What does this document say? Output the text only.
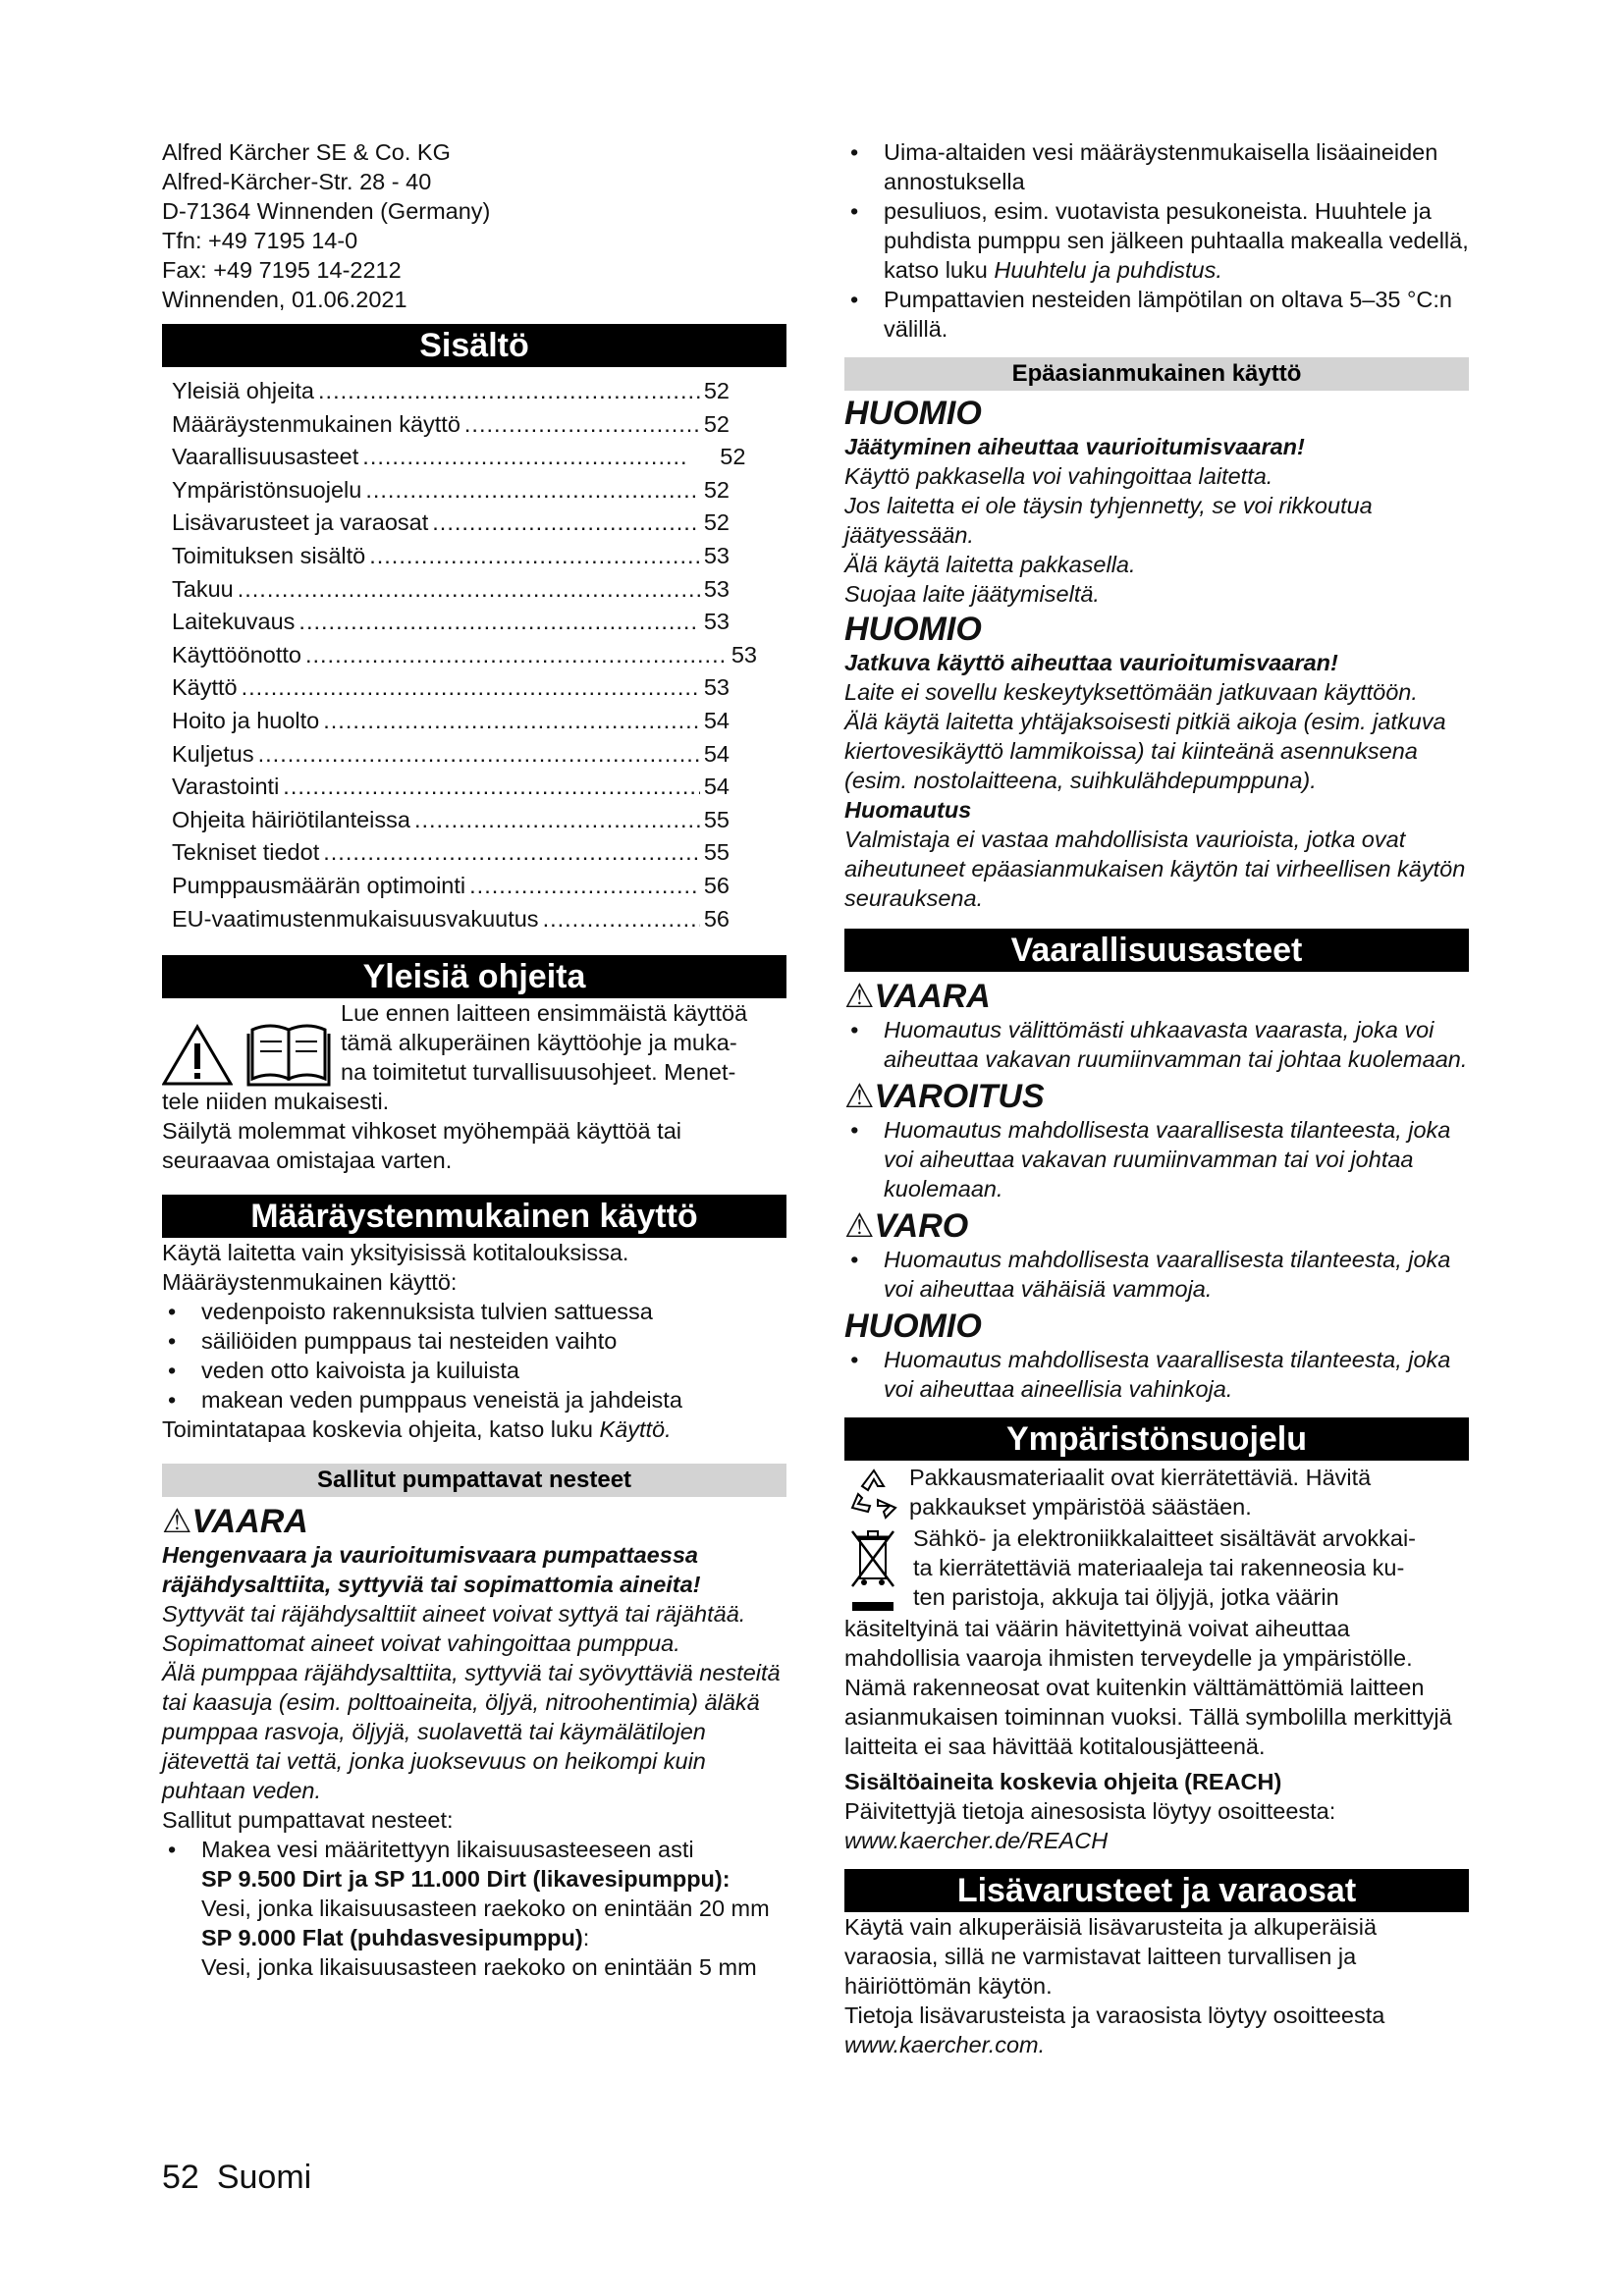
Alfred Kärcher SE & Co. KG

Alfred-Kärcher-Str. 28 - 40

D-71364 Winnenden (Germany)

Tfn: +49 7195 14-0

Fax: +49 7195 14-2212

Winnenden, 01.06.2021

Sisältö
Yleisiä ohjeita .....	52
Määräystenmukainen käyttö .....	52
Vaarallisuusasteet .....	52
Ympäristönsuojelu .....	52
Lisävarusteet ja varaosat .....	52
Toimituksen sisältö .....	53
Takuu .....	53
Laitekuvaus .....	53
Käyttöönotto .....	53
Käyttö .....	53
Hoito ja huolto .....	54
Kuljetus .....	54
Varastointi .....	54
Ohjeita häiriötilanteissa .....	55
Tekniset tiedot .....	55
Pumppausmäärän optimointi .....	56
EU-vaatimustenmukaisuusvakuutus .....	56
Yleisiä ohjeita

Lue ennen laitteen ensimmäistä käyttöä

tämä alkuperäinen käyttöohje ja muka-

na toimitetut turvallisuusohjeet. Menet-

tele niiden mukaisesti.

Säilytä molemmat vihkoset myöhempää käyttöä tai seuraavaa omistajaa varten.

Määräystenmukainen käyttö

Käytä laitetta vain yksityisissä kotitalouksissa.

Määräystenmukainen käyttö:

• vedenpoisto rakennuksista tulvien sattuessa
• säiliöiden pumppaus tai nesteiden vaihto
• veden otto kaivoista ja kuiluista
• makean veden pumppaus veneistä ja jahdeista

Toimintatapaa koskevia ohjeita, katso luku Käyttö.

Sallitut pumpattavat nesteet
⚠VAARA

Hengenvaara ja vaurioitumisvaara pumpattaessa räjähdysalttiita, syttyviä tai sopimattomia aineita!

Syttyvät tai räjähdysalttiit aineet voivat syttyä tai räjähtää.

Sopimattomat aineet voivat vahingoittaa pumppua.

Älä pumppaa räjähdysalttiita, syttyviä tai syövyttäviä nesteitä tai kaasuja (esim. polttoaineita, öljyä, nitroohentimia) äläkä pumppaa rasvoja, öljyjä, suolavettä tai käymälätilojen jätevettä tai vettä, jonka juoksevuus on heikompi kuin puhtaan veden.

Sallitut pumpattavat nesteet:

• Makea vesi määritettyyn likaisuusasteeseen asti

SP 9.500 Dirt ja SP 11.000 Dirt (likavesipumppu):

Vesi, jonka likaisuusasteen raekoko on enintään 20 mm

SP 9.000 Flat (puhdasvesipumppu):

Vesi, jonka likaisuusasteen raekoko on enintään 5 mm

• Uima-altaiden vesi määräystenmukaisella lisäaineiden annostuksella
• pesuliuos, esim. vuotavista pesukoneista. Huuhtele ja puhdista pumppu sen jälkeen puhtaalla makealla vedellä, katso luku Huuhtelu ja puhdistus.
• Pumpattavien nesteiden lämpötilan on oltava 5–35 °C:n välillä.
Epäasianmukainen käyttö
HUOMIO

Jäätyminen aiheuttaa vaurioitumisvaaran!

Käyttö pakkasella voi vahingoittaa laitetta.

Jos laitetta ei ole täysin tyhjennetty, se voi rikkoutua jäätyessään.

Älä käytä laitetta pakkasella.

Suojaa laite jäätymiseltä.

HUOMIO

Jatkuva käyttö aiheuttaa vaurioitumisvaaran!

Laite ei sovellu keskeytyksettömään jatkuvaan käyttöön.

Älä käytä laitetta yhtäjaksoisesti pitkiä aikoja (esim. jatkuva kiertovesikäyttö lammikoissa) tai kiinteänä asennuksena (esim. nostolaitteena, suihkulähdepumppuna).

Huomautus

Valmistaja ei vastaa mahdollisista vaurioista, jotka ovat aiheutuneet epäasianmukaisen käytön tai virheellisen käytön seurauksena.

Vaarallisuusasteet
⚠VAARA
• Huomautus välittömästi uhkaavasta vaarasta, joka voi aiheuttaa vakavan ruumiinvamman tai johtaa kuolemaan.
⚠VAROITUS
• Huomautus mahdollisesta vaarallisesta tilanteesta, joka voi aiheuttaa vakavan ruumiinvamman tai voi johtaa kuolemaan.
⚠VARO
• Huomautus mahdollisesta vaarallisesta tilanteesta, joka voi aiheuttaa vähäisiä vammoja.
HUOMIO
• Huomautus mahdollisesta vaarallisesta tilanteesta, joka voi aiheuttaa aineellisia vahinkoja.
Ympäristönsuojelu

Pakkausmateriaalit ovat kierrätettäviä. Hävitä pakkaukset ympäristöä säästäen.

Sähkö- ja elektroniikkalaitteet sisältävät arvokkai-

ta kierrätettäviä materiaaleja tai rakenneosia ku-

ten paristoja, akkuja tai öljyjä, jotka väärin

käsiteltyinä tai väärin hävitettyinä voivat aiheuttaa mahdollisia vaaroja ihmisten terveydelle ja ympäristölle. Nämä rakenneosat ovat kuitenkin välttämättömiä laitteen asianmukaisen toiminnan vuoksi. Tällä symbolilla merkittyjä laitteita ei saa hävittää kotitalousjätteenä.

Sisältöaineita koskevia ohjeita (REACH)

Päivitettyjä tietoja ainesosista löytyy osoitteesta:

www.kaercher.de/REACH

Lisävarusteet ja varaosat

Käytä vain alkuperäisiä lisävarusteita ja alkuperäisiä varaosia, sillä ne varmistavat laitteen turvallisen ja häiriöttömän käytön.

Tietoja lisävarusteista ja varaosista löytyy osoitteesta

www.kaercher.com.

52 Suomi
